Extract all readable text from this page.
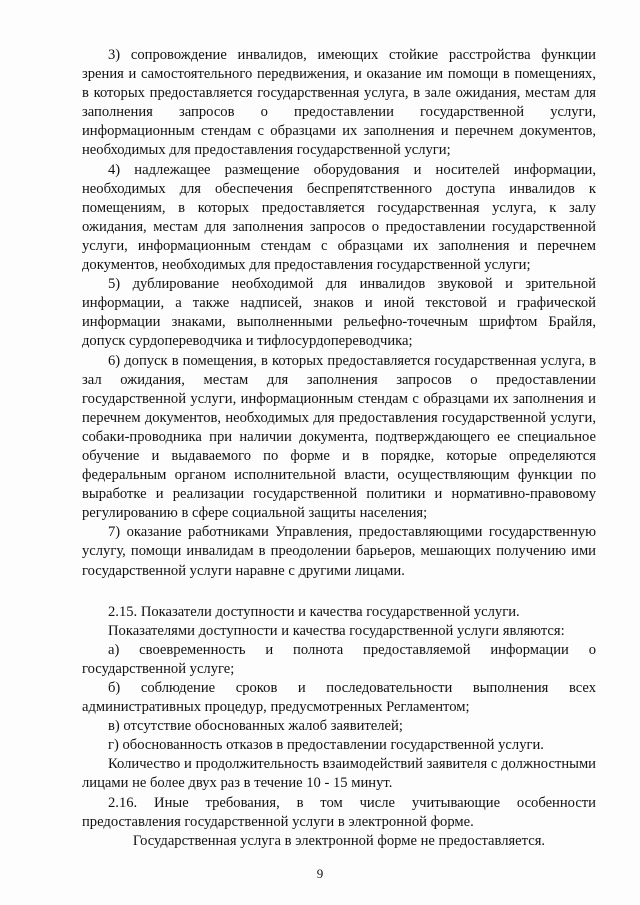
3) сопровождение инвалидов, имеющих стойкие расстройства функции зрения и самостоятельного передвижения, и оказание им помощи в помещениях, в которых предоставляется государственная услуга, в зале ожидания, местам для заполнения запросов о предоставлении государственной услуги, информационным стендам с образцами их заполнения и перечнем документов, необходимых для предоставления государственной услуги;

4) надлежащее размещение оборудования и носителей информации, необходимых для обеспечения беспрепятственного доступа инвалидов к помещениям, в которых предоставляется государственная услуга, к залу ожидания, местам для заполнения запросов о предоставлении государственной услуги, информационным стендам с образцами их заполнения и перечнем документов, необходимых для предоставления государственной услуги;

5) дублирование необходимой для инвалидов звуковой и зрительной информации, а также надписей, знаков и иной текстовой и графической информации знаками, выполненными рельефно-точечным шрифтом Брайля, допуск сурдопереводчика и тифлосурдопереводчика;

6) допуск в помещения, в которых предоставляется государственная услуга, в зал ожидания, местам для заполнения запросов о предоставлении государственной услуги, информационным стендам с образцами их заполнения и перечнем документов, необходимых для предоставления государственной услуги, собаки-проводника при наличии документа, подтверждающего ее специальное обучение и выдаваемого по форме и в порядке, которые определяются федеральным органом исполнительной власти, осуществляющим функции по выработке и реализации государственной политики и нормативно-правовому регулированию в сфере социальной защиты населения;

7) оказание работниками Управления, предоставляющими государственную услугу, помощи инвалидам в преодолении барьеров, мешающих получению ими государственной услуги наравне с другими лицами.

2.15. Показатели доступности и качества государственной услуги.

Показателями доступности и качества государственной услуги являются:

а) своевременность и полнота предоставляемой информации о государственной услуге;

б) соблюдение сроков и последовательности выполнения всех административных процедур, предусмотренных Регламентом;

в) отсутствие обоснованных жалоб заявителей;

г) обоснованность отказов в предоставлении государственной услуги.

Количество и продолжительность взаимодействий заявителя с должностными лицами не более двух раз в течение 10 - 15 минут.

2.16. Иные требования, в том числе учитывающие особенности предоставления государственной услуги в электронной форме.

Государственная услуга в электронной форме не предоставляется.

9
